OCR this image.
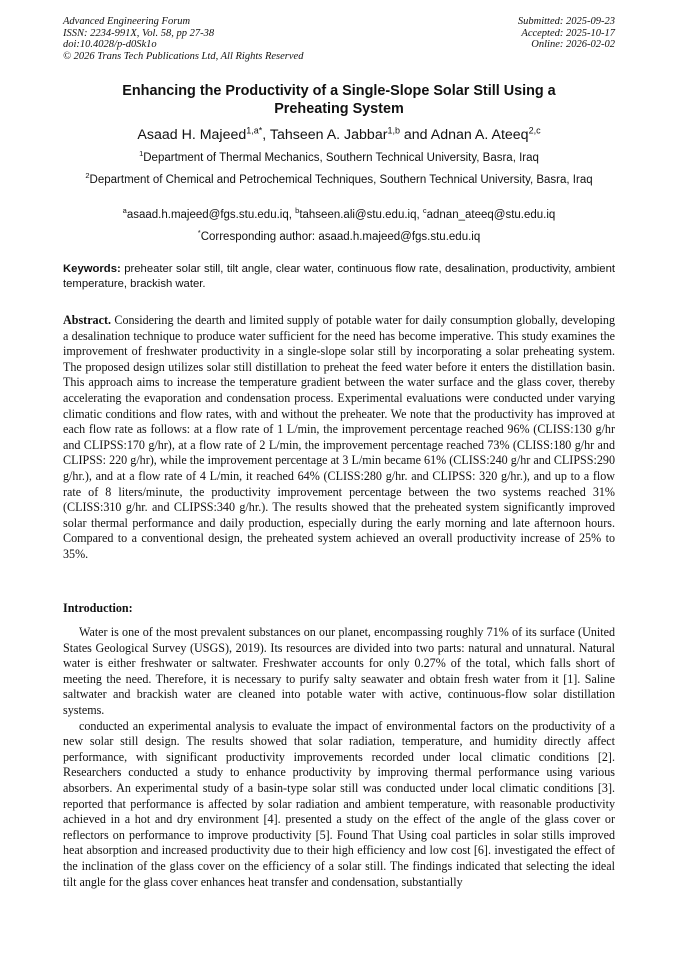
Advanced Engineering Forum
ISSN: 2234-991X, Vol. 58, pp 27-38
doi:10.4028/p-d0Sk1o
© 2026 Trans Tech Publications Ltd, All Rights Reserved
Submitted: 2025-09-23
Accepted: 2025-10-17
Online: 2026-02-02
Enhancing the Productivity of a Single-Slope Solar Still Using a Preheating System
Asaad H. Majeed$^{1,a*}$, Tahseen A. Jabbar$^{1,b}$ and Adnan A. Ateeq$^{2,c}$
$^1$Department of Thermal Mechanics, Southern Technical University, Basra, Iraq
$^2$Department of Chemical and Petrochemical Techniques, Southern Technical University, Basra, Iraq
$^a$asaad.h.majeed@fgs.stu.edu.iq, $^b$tahseen.ali@stu.edu.iq, $^c$adnan_ateeq@stu.edu.iq
*Corresponding author: asaad.h.majeed@fgs.stu.edu.iq
Keywords: preheater solar still, tilt angle, clear water, continuous flow rate, desalination, productivity, ambient temperature, brackish water.
Abstract. Considering the dearth and limited supply of potable water for daily consumption globally, developing a desalination technique to produce water sufficient for the need has become imperative. This study examines the improvement of freshwater productivity in a single-slope solar still by incorporating a solar preheating system. The proposed design utilizes solar still distillation to preheat the feed water before it enters the distillation basin. This approach aims to increase the temperature gradient between the water surface and the glass cover, thereby accelerating the evaporation and condensation process. Experimental evaluations were conducted under varying climatic conditions and flow rates, with and without the preheater. We note that the productivity has improved at each flow rate as follows: at a flow rate of 1 L/min, the improvement percentage reached 96% (CLISS:130 g/hr and CLIPSS:170 g/hr), at a flow rate of 2 L/min, the improvement percentage reached 73% (CLISS:180 g/hr and CLIPSS: 220 g/hr), while the improvement percentage at 3 L/min became 61% (CLISS:240 g/hr and CLIPSS:290 g/hr.), and at a flow rate of 4 L/min, it reached 64% (CLISS:280 g/hr. and CLIPSS: 320 g/hr.), and up to a flow rate of 8 liters/minute, the productivity improvement percentage between the two systems reached 31% (CLISS:310 g/hr. and CLIPSS:340 g/hr.). The results showed that the preheated system significantly improved solar thermal performance and daily production, especially during the early morning and late afternoon hours. Compared to a conventional design, the preheated system achieved an overall productivity increase of 25% to 35%.
Introduction:

Water is one of the most prevalent substances on our planet, encompassing roughly 71% of its surface (United States Geological Survey (USGS), 2019). Its resources are divided into two parts: natural and unnatural. Natural water is either freshwater or saltwater. Freshwater accounts for only 0.27% of the total, which falls short of meeting the need. Therefore, it is necessary to purify salty seawater and obtain fresh water from it [1]. Saline saltwater and brackish water are cleaned into potable water with active, continuous-flow solar distillation systems.

conducted an experimental analysis to evaluate the impact of environmental factors on the productivity of a new solar still design. The results showed that solar radiation, temperature, and humidity directly affect performance, with significant productivity improvements recorded under local climatic conditions [2]. Researchers conducted a study to enhance productivity by improving thermal performance using various absorbers. An experimental study of a basin-type solar still was conducted under local climatic conditions [3]. reported that performance is affected by solar radiation and ambient temperature, with reasonable productivity achieved in a hot and dry environment [4]. presented a study on the effect of the angle of the glass cover or reflectors on performance to improve productivity [5]. Found That Using coal particles in solar stills improved heat absorption and increased productivity due to their high efficiency and low cost [6]. investigated the effect of the inclination of the glass cover on the efficiency of a solar still. The findings indicated that selecting the ideal tilt angle for the glass cover enhances heat transfer and condensation, substantially
